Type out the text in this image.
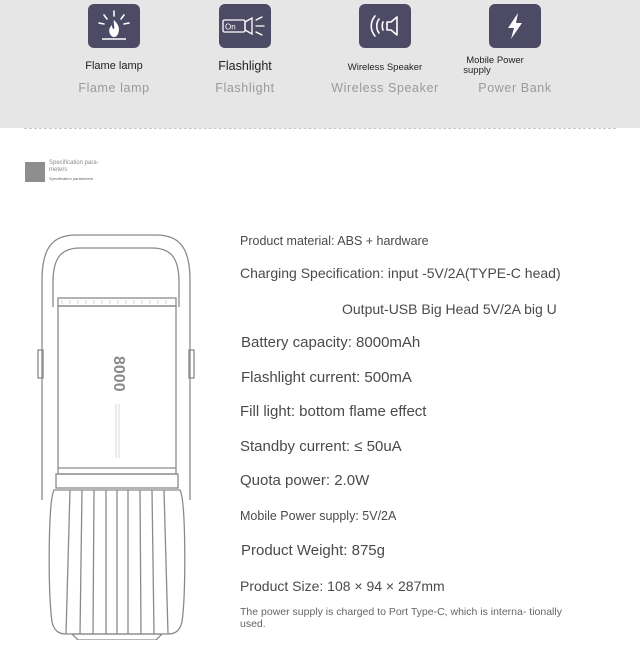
Flame lamp
Flame lamp
On
Flashlight
Flashlight
Wireless Speaker
Wireless Speaker
Mobile Power
supply
Power Bank
Specification para-
meters
Specification parameters
8000
Product material: ABS + hardware
Charging Specification: input -5V/2A(TYPE-C head)
Output-USB Big Head 5V/2A big U
Battery capacity: 8000mAh
Flashlight current: 500mA
Fill light: bottom flame effect
Standby current: ≤ 50uA
Quota power: 2.0W
Mobile Power supply: 5V/2A
Product Weight: 875g
Product Size: 108 × 94 × 287mm
The power supply is charged to Port Type-C, which is interna- tionally used.
